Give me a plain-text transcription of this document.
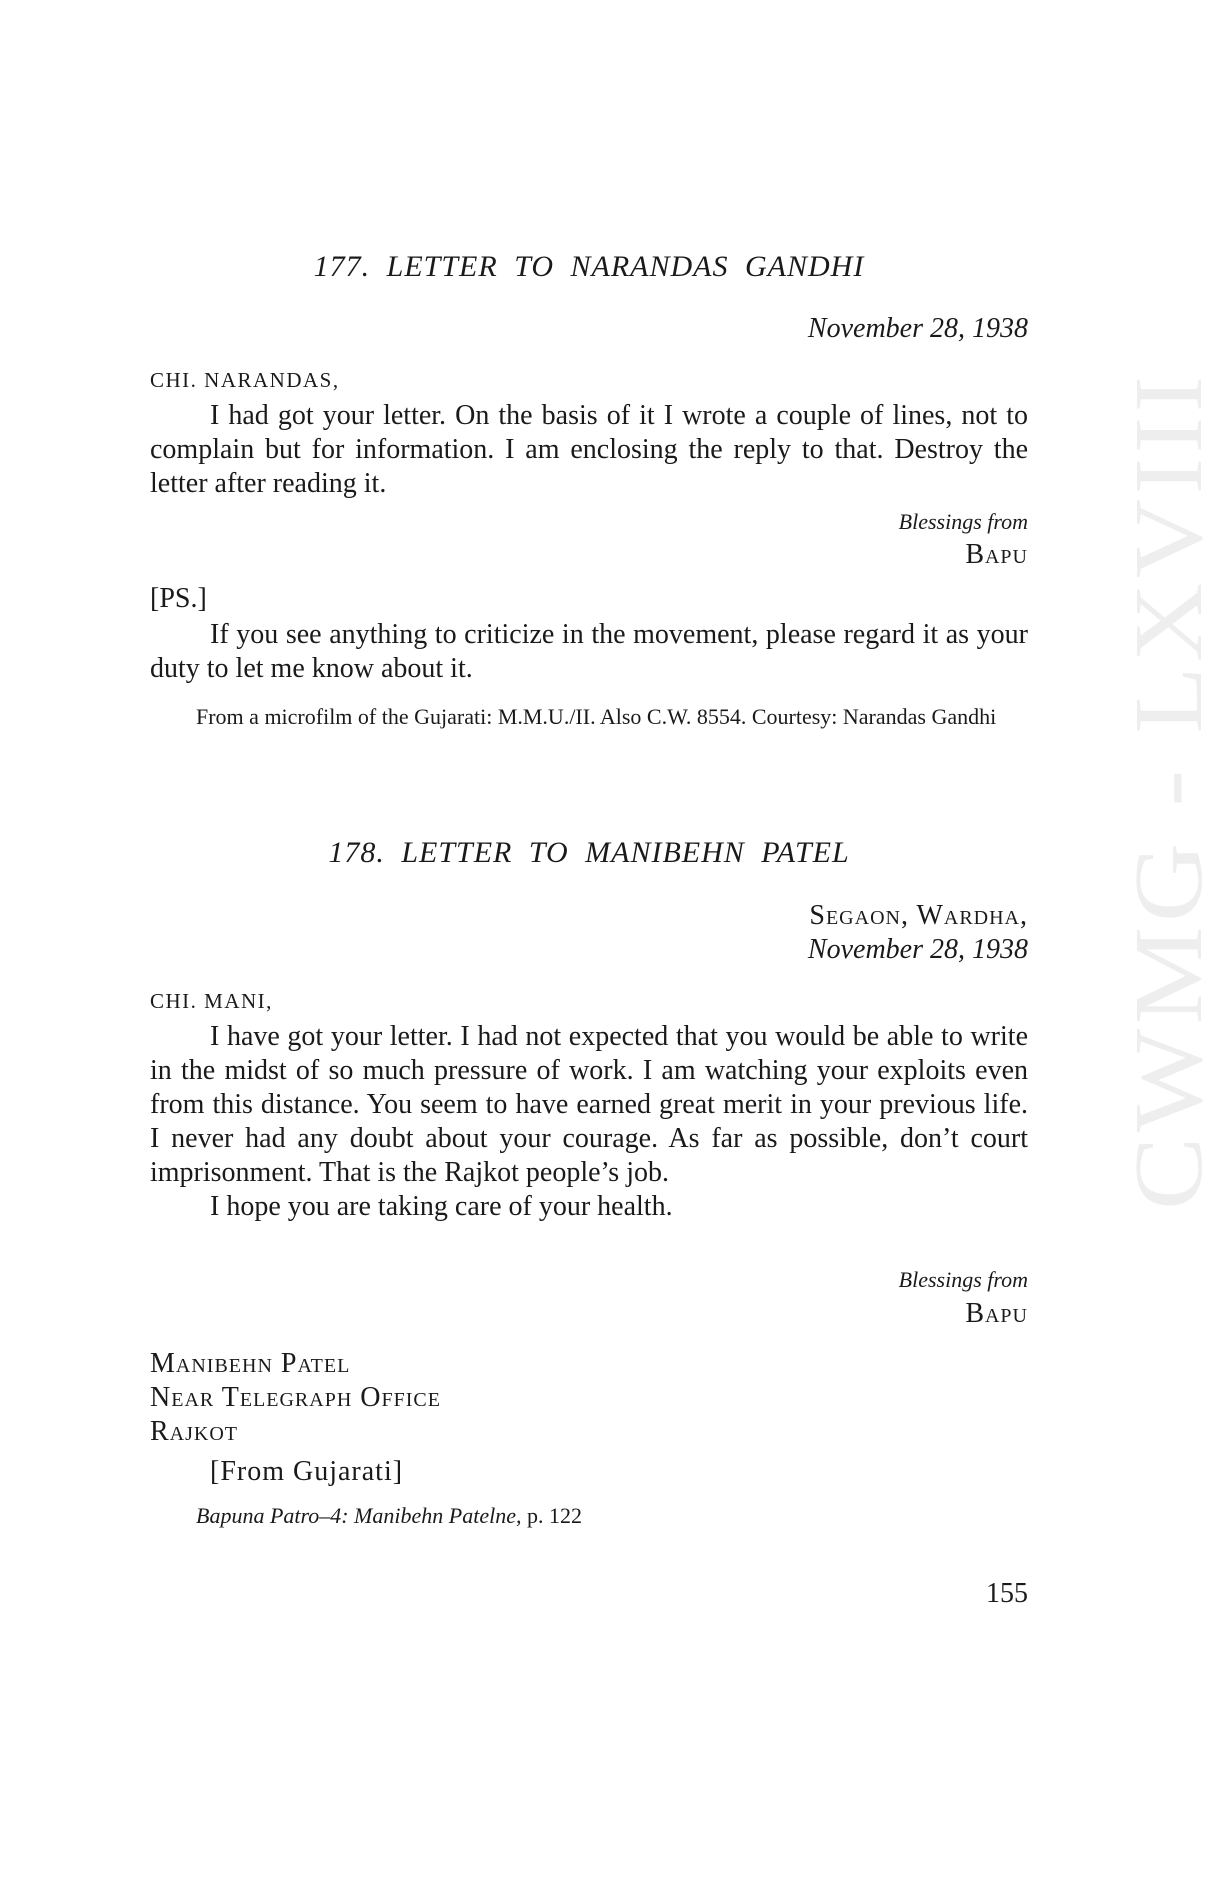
CWMG - LXVIII
177. LETTER TO NARANDAS GANDHI
November 28, 1938
CHI. NARANDAS,

I had got your letter. On the basis of it I wrote a couple of lines, not to complain but for information. I am enclosing the reply to that. Destroy the letter after reading it.

Blessings from
Bapu
[PS.]

If you see anything to criticize in the movement, please regard it as your duty to let me know about it.

From a microfilm of the Gujarati: M.M.U./II. Also C.W. 8554. Courtesy: Narandas Gandhi
178. LETTER TO MANIBEHN PATEL
Segaon, Wardha,
November 28, 1938
CHI. MANI,

I have got your letter. I had not expected that you would be able to write in the midst of so much pressure of work. I am watching your exploits even from this distance. You seem to have earned great merit in your previous life. I never had any doubt about your courage. As far as possible, don’t court imprisonment. That is the Rajkot people’s job.

I hope you are taking care of your health.

Blessings from
Bapu
Manibehn Patel
Near Telegraph Office
Rajkot
[From Gujarati]
Bapuna Patro–4: Manibehn Patelne, p. 122
155
